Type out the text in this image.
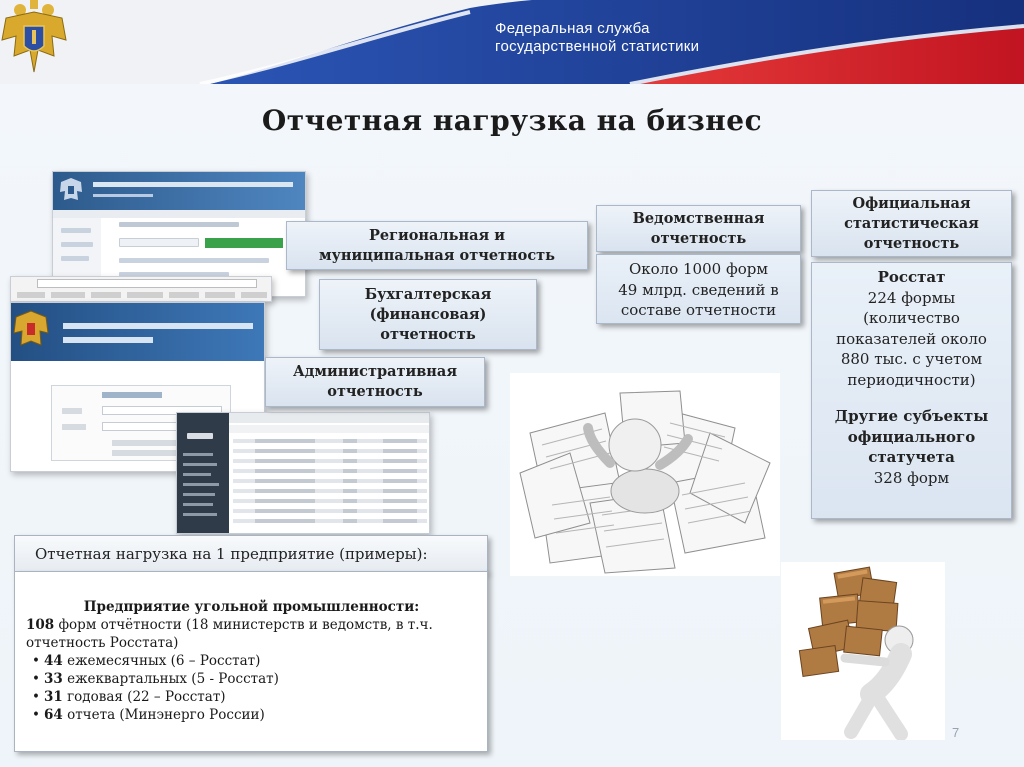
Федеральная служба
государственной статистики
Отчетная нагрузка на бизнес
Региональная и
муниципальная отчетность
Бухгалтерская
(финансовая)
отчетность
Административная
отчетность
Ведомственная
отчетность
Около 1000 форм
49 млрд. сведений в
составе отчетности
Официальная
статистическая
отчетность
Росстат
224 формы
(количество
показателей около
880 тыс. с учетом
периодичности)
Другие субъекты
официального
статучета
328 форм
Отчетная нагрузка на 1 предприятие (примеры):
Предприятие угольной промышленности:
108 форм отчётности (18 министерств и ведомств, в т.ч.
отчетность Росстата)
• 44 ежемесячных (6 – Росстат)
• 33 ежеквартальных (5 - Росстат)
• 31 годовая (22 – Росстат)
• 64 отчета (Минэнерго России)
7
